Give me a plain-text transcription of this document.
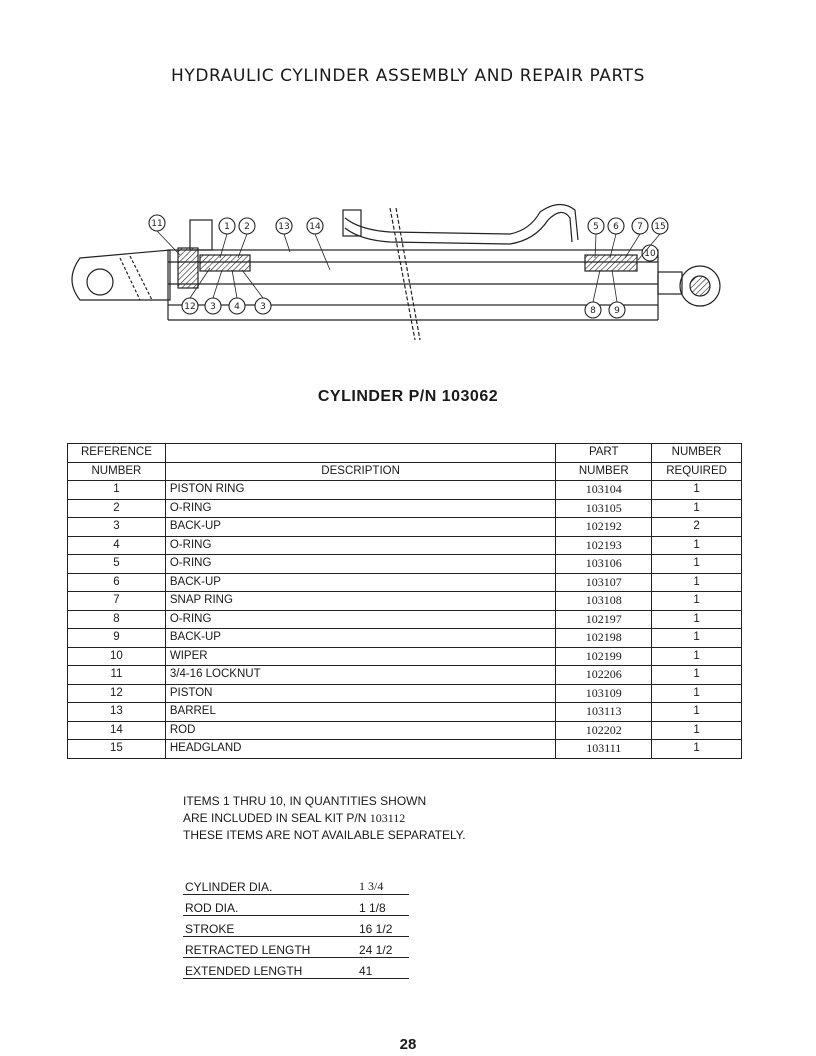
HYDRAULIC CYLINDER ASSEMBLY AND REPAIR PARTS
11	1 2	13 14	5 6 7 15
10
12 3 4 3	8 9
CYLINDER P/N 103062
REFERENCE		PART	NUMBER
NUMBER	DESCRIPTION	NUMBER	REQUIRED
1	PISTON RING	103104	1
2	O-RING	103105	1
3	BACK-UP	102192	2
4	O-RING	102193	1
5	O-RING	103106	1
6	BACK-UP	103107	1
7	SNAP RING	103108	1
8	O-RING	102197	1
9	BACK-UP	102198	1
10	WIPER	102199	1
11	3/4-16 LOCKNUT	102206	1
12	PISTON	103109	1
13	BARREL	103113	1
14	ROD	102202	1
15	HEADGLAND	103111	1
ITEMS 1 THRU 10, IN QUANTITIES SHOWN
ARE INCLUDED IN SEAL KIT P/N 103112
THESE ITEMS ARE NOT AVAILABLE SEPARATELY.
CYLINDER DIA.	1 3/4
ROD DIA.	1 1/8
STROKE	16 1/2
RETRACTED LENGTH	24 1/2
EXTENDED LENGTH	41
28
